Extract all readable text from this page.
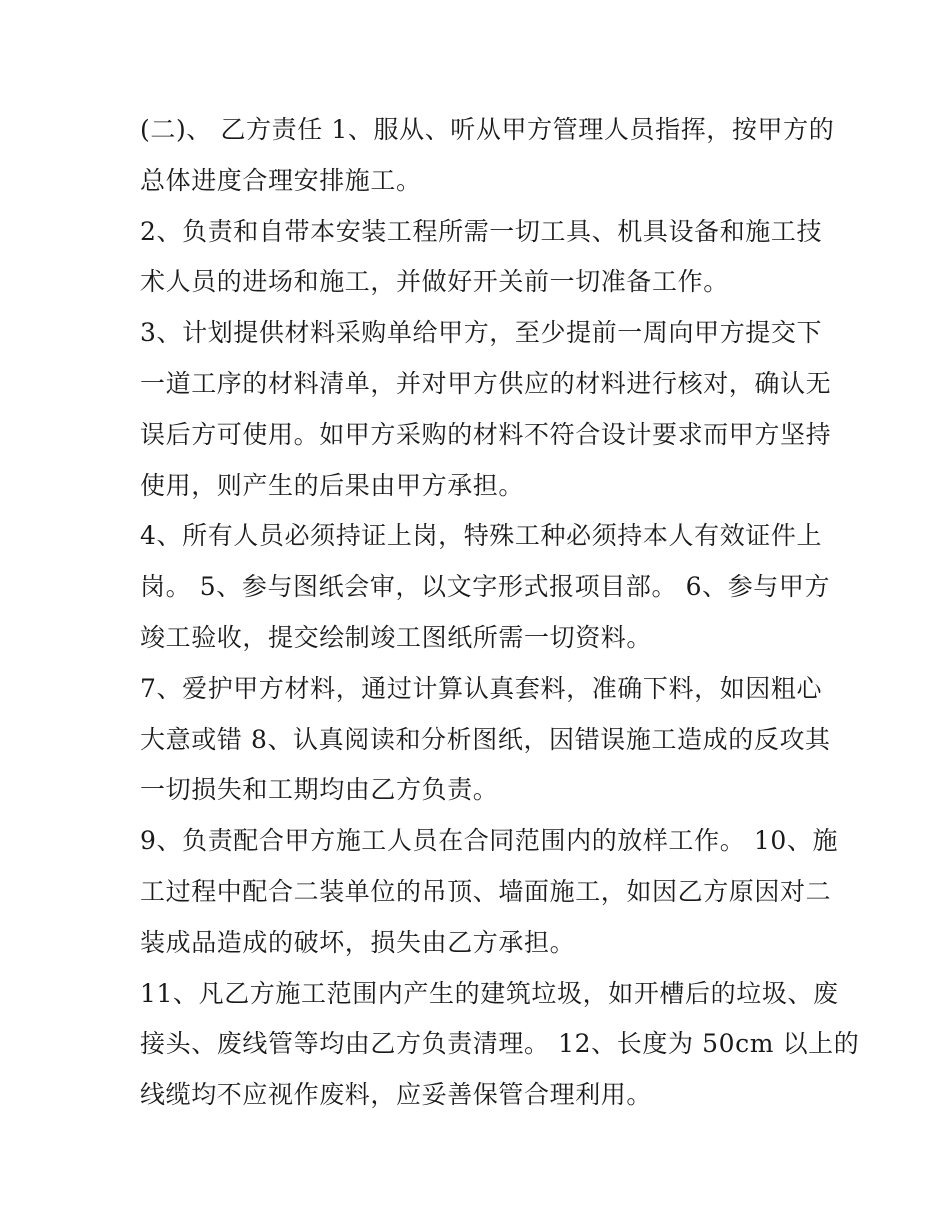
(二)、 乙方责任 1、服从、听从甲方管理人员指挥，按甲方的
总体进度合理安排施工。
2、负责和自带本安装工程所需一切工具、机具设备和施工技
术人员的进场和施工，并做好开关前一切准备工作。
3、计划提供材料采购单给甲方，至少提前一周向甲方提交下
一道工序的材料清单，并对甲方供应的材料进行核对，确认无
误后方可使用。如甲方采购的材料不符合设计要求而甲方坚持
使用，则产生的后果由甲方承担。
4、所有人员必须持证上岗，特殊工种必须持本人有效证件上
岗。 5、参与图纸会审，以文字形式报项目部。 6、参与甲方
竣工验收，提交绘制竣工图纸所需一切资料。
7、爱护甲方材料，通过计算认真套料，准确下料，如因粗心
大意或错 8、认真阅读和分析图纸，因错误施工造成的反攻其
一切损失和工期均由乙方负责。
9、负责配合甲方施工人员在合同范围内的放样工作。 10、施
工过程中配合二装单位的吊顶、墙面施工，如因乙方原因对二
装成品造成的破坏，损失由乙方承担。
11、凡乙方施工范围内产生的建筑垃圾，如开槽后的垃圾、废
接头、废线管等均由乙方负责清理。 12、长度为 50cm 以上的
线缆均不应视作废料，应妥善保管合理利用。
